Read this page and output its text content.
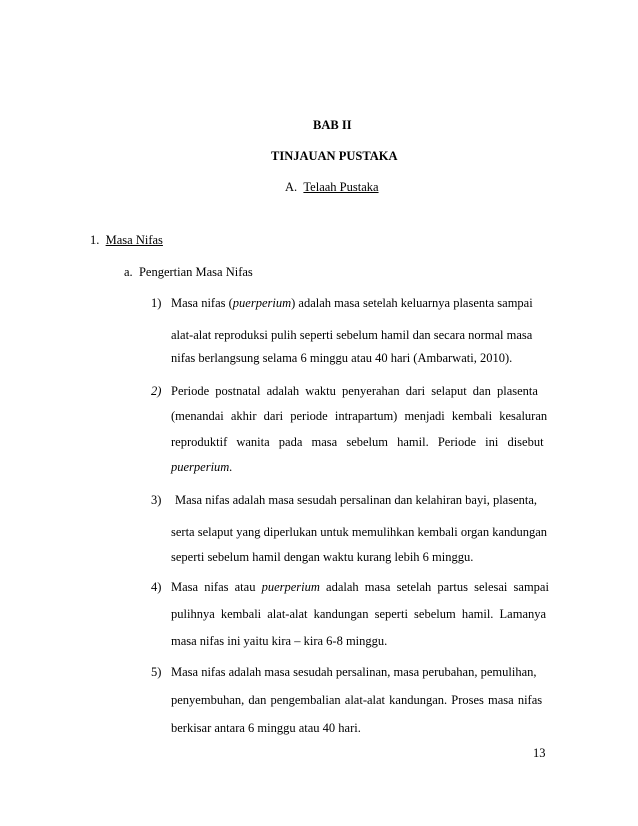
BAB II
TINJAUAN PUSTAKA
A. Telaah Pustaka
1. Masa Nifas
a. Pengertian Masa Nifas
1) Masa nifas (puerperium) adalah masa setelah keluarnya plasenta sampai
alat-alat reproduksi pulih seperti sebelum hamil dan secara normal masa
nifas berlangsung selama 6 minggu atau 40 hari (Ambarwati, 2010).
2) Periode postnatal adalah waktu penyerahan dari selaput dan plasenta
(menandai akhir dari periode intrapartum) menjadi kembali kesaluran
reproduktif wanita pada masa sebelum hamil. Periode ini disebut
puerperium.
3) Masa nifas adalah masa sesudah persalinan dan kelahiran bayi, plasenta,
serta selaput yang diperlukan untuk memulihkan kembali organ kandungan
seperti sebelum hamil dengan waktu kurang lebih 6 minggu.
4) Masa nifas atau puerperium adalah masa setelah partus selesai sampai
pulihnya kembali alat-alat kandungan seperti sebelum hamil. Lamanya
masa nifas ini yaitu kira – kira 6-8 minggu.
5) Masa nifas adalah masa sesudah persalinan, masa perubahan, pemulihan,
penyembuhan, dan pengembalian alat-alat kandungan. Proses masa nifas
berkisar antara 6 minggu atau 40 hari.
13
